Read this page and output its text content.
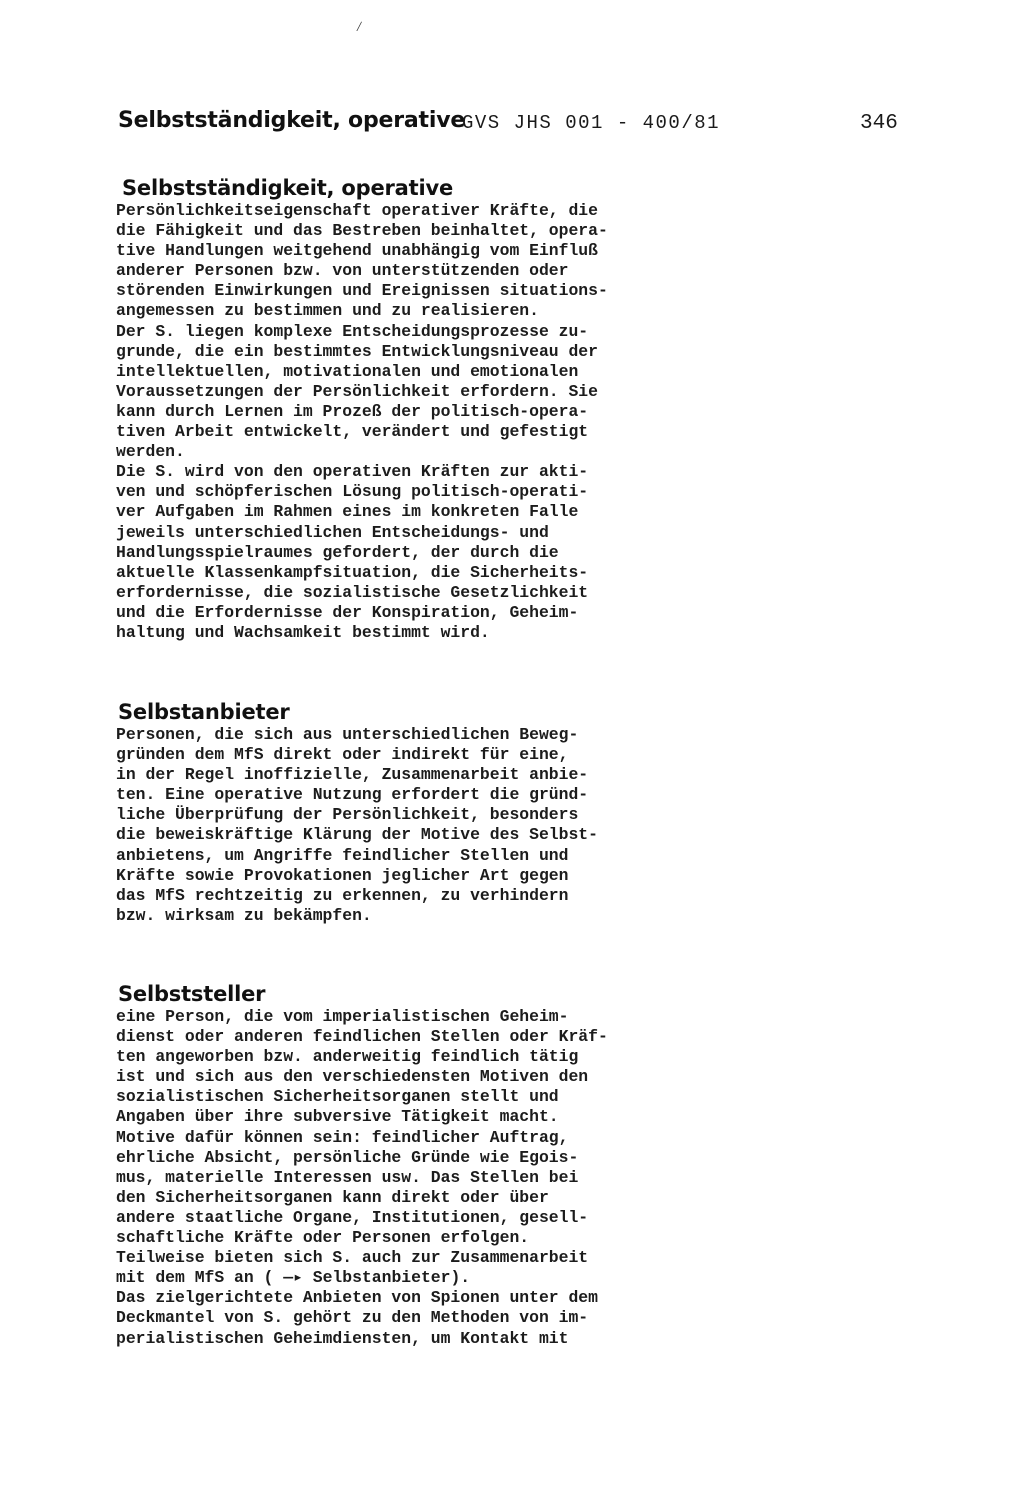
∕
Selbstständigkeit, operative
GVS JHS 001 - 400/81	346
Selbstständigkeit, operative
Persönlichkeitseigenschaft operativer Kräfte, die
die Fähigkeit und das Bestreben beinhaltet, opera-
tive Handlungen weitgehend unabhängig vom Einfluß
anderer Personen bzw. von unterstützenden oder
störenden Einwirkungen und Ereignissen situations-
angemessen zu bestimmen und zu realisieren.
Der S. liegen komplexe Entscheidungsprozesse zu-
grunde, die ein bestimmtes Entwicklungsniveau der
intellektuellen, motivationalen und emotionalen
Voraussetzungen der Persönlichkeit erfordern. Sie
kann durch Lernen im Prozeß der politisch-opera-
tiven Arbeit entwickelt, verändert und gefestigt
werden.
Die S. wird von den operativen Kräften zur akti-
ven und schöpferischen Lösung politisch-operati-
ver Aufgaben im Rahmen eines im konkreten Falle
jeweils unterschiedlichen Entscheidungs- und
Handlungsspielraumes gefordert, der durch die
aktuelle Klassenkampfsituation, die Sicherheits-
erfordernisse, die sozialistische Gesetzlichkeit
und die Erfordernisse der Konspiration, Geheim-
haltung und Wachsamkeit bestimmt wird.
Selbstanbieter
Personen, die sich aus unterschiedlichen Beweg-
gründen dem MfS direkt oder indirekt für eine,
in der Regel inoffizielle, Zusammenarbeit anbie-
ten. Eine operative Nutzung erfordert die gründ-
liche Überprüfung der Persönlichkeit, besonders
die beweiskräftige Klärung der Motive des Selbst-
anbietens, um Angriffe feindlicher Stellen und
Kräfte sowie Provokationen jeglicher Art gegen
das MfS rechtzeitig zu erkennen, zu verhindern
bzw. wirksam zu bekämpfen.
Selbststeller
eine Person, die vom imperialistischen Geheim-
dienst oder anderen feindlichen Stellen oder Kräf-
ten angeworben bzw. anderweitig feindlich tätig
ist und sich aus den verschiedensten Motiven den
sozialistischen Sicherheitsorganen stellt und
Angaben über ihre subversive Tätigkeit macht.
Motive dafür können sein: feindlicher Auftrag,
ehrliche Absicht, persönliche Gründe wie Egois-
mus, materielle Interessen usw. Das Stellen bei
den Sicherheitsorganen kann direkt oder über
andere staatliche Organe, Institutionen, gesell-
schaftliche Kräfte oder Personen erfolgen.
Teilweise bieten sich S. auch zur Zusammenarbeit
mit dem MfS an ( —▸ Selbstanbieter).
Das zielgerichtete Anbieten von Spionen unter dem
Deckmantel von S. gehört zu den Methoden von im-
perialistischen Geheimdiensten, um Kontakt mit
